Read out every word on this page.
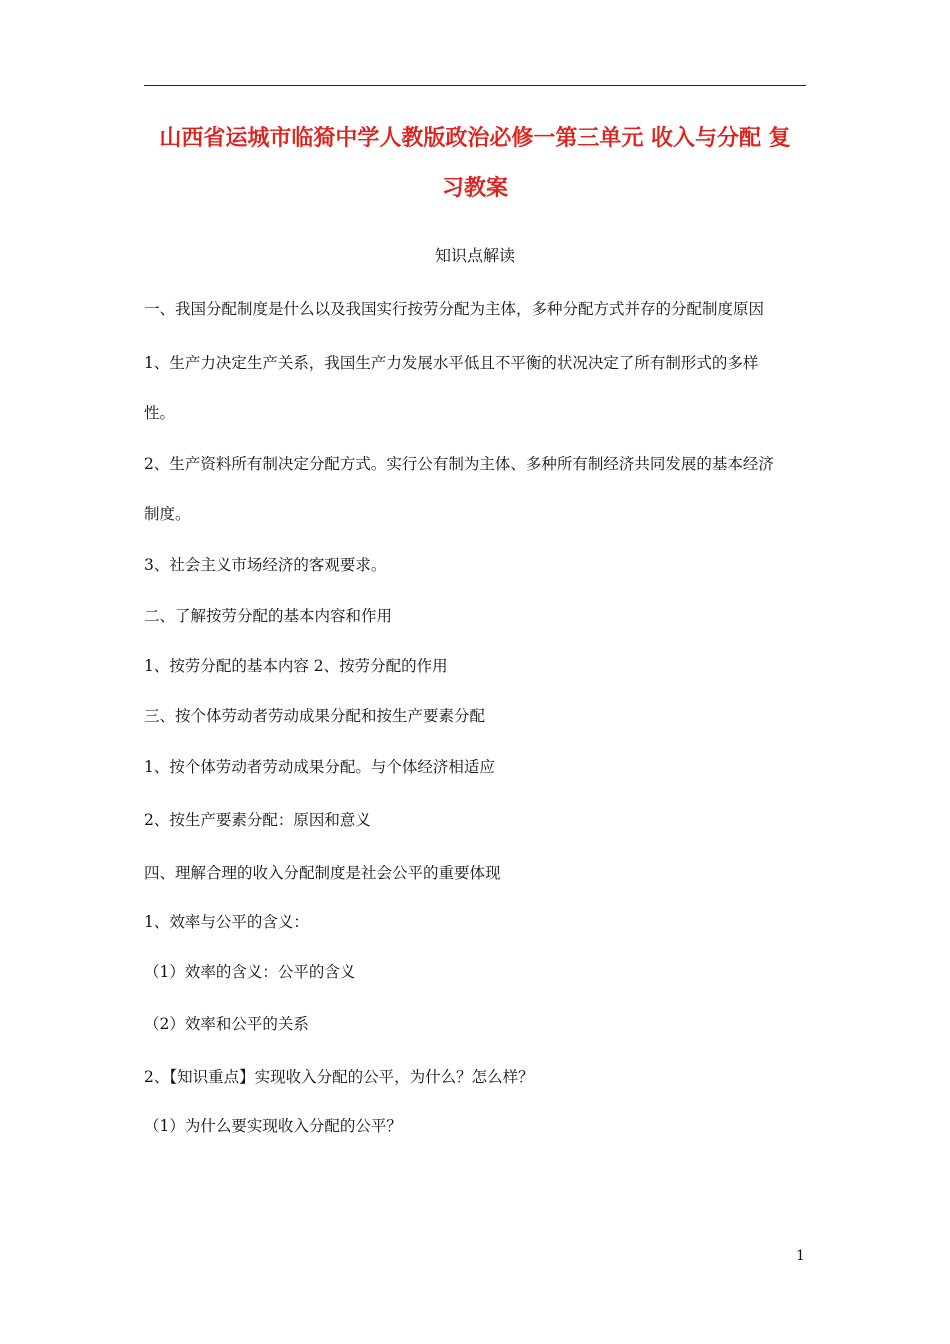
山西省运城市临猗中学人教版政治必修一第三单元 收入与分配 复
习教案
知识点解读
一、我国分配制度是什么以及我国实行按劳分配为主体，多种分配方式并存的分配制度原因
1、生产力决定生产关系，我国生产力发展水平低且不平衡的状况决定了所有制形式的多样
性。
2、生产资料所有制决定分配方式。实行公有制为主体、多种所有制经济共同发展的基本经济
制度。
3、社会主义市场经济的客观要求。
二、了解按劳分配的基本内容和作用
1、按劳分配的基本内容 2、按劳分配的作用
三、按个体劳动者劳动成果分配和按生产要素分配
1、按个体劳动者劳动成果分配。与个体经济相适应
2、按生产要素分配：原因和意义
四、理解合理的收入分配制度是社会公平的重要体现
1、效率与公平的含义：
（1）效率的含义：公平的含义
（2）效率和公平的关系
2、【知识重点】实现收入分配的公平，为什么？怎么样？
（1）为什么要实现收入分配的公平？
1
